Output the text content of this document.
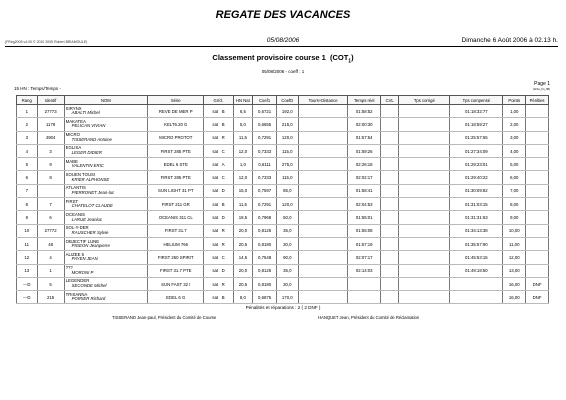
REGATE DES VACANCES
(FReg2005 v4.00 © 2010 2005 Robert BRIAMOULE)	05/08/2006	Dimanche 6 Août 2006 à 02.13 h.
Classement provisoire course 1  $(COT_1)$
05/08/2006 - coeff : 1
15 HN : Temps/Temps -
Page 1
(fiche_fin_08)
Rang	Identif	NOM	Série	Gr/cl.	HN Nat	Coef1	CoefD	Tours+Distance	Temps réel	CVL	Tps corrigé	Tps compensé	Points	Pénlties
1	27773	SIRYNX
ABALTI Michel	REVE DE MER P	sat B	6,5	0,6721	192,0		01:58:52			01:18:32:77	1,00	
2	1178	MAKATEA
PELICAN VIVIAN	KELT6.20 G	sat B	5,0	0,6655	215,0		02:00:30			01:18:59:27	2,00	
3	4904	MICRO
TISSERAND Antoine	MICRO PROTOT	sat R	11,5	0,7291	120,0		01:57:54			01:25:57:65	3,00	
4	3	EGLISA
LEGER DIDIER	FIRST 285 PTE	sat C	12,0	0,7333	115,0		01:59:26			01:27:34:09	4,00	
5	9	MABE
VALENTIN ERIC	EDEL 6 STE	sat A	1,0	0,6111	275,0		02:26:18			01:29:23:01	5,00	
6	8	SOUEN TOUSI
KRIER ALPHONSE	FIRST 285 PTE	sat C	12,0	0,7333	115,0		02:02:17			01:29:40:22	6,00	
7		ATLANTIS
PIERRONET Jean-luc	SUN LIGHT 31 PT	sat D	15,0	0,7597	85,0		01:58:41			01:30:09:82	7,00	
8	7	FIRST
CHATELOT CLAUDE	FIRST 211 GR	sat B	11,5	0,7291	120,0		02:04:53			01:31:03:15	8,00	
9	6	OCEANIS
LARUE Jeanluc	OCEANIS 311 CL	sat D	18,5	0,7968	50,0		01:55:01			01:31:31:63	9,00	
10	27772	SOL-Y-DER
RAUSCHER Sylvie	FIRST 31.7	sat R	20,0	0,8125	35,0		01:55:08			01:34:13:38	10,00	
11	48	OBJECTIF LUNE
PIGEON Jeanpierre	HELIUM 766	sat R	20,5	0,8180	30,0		01:57:19			01:35:57:90	11,00	
12	4	ALIZEE 5
PAYEN JEAN	FIRST 260 SPIRIT	sat C	14,5	0,7548	90,0		02:07:17			01:45:53:15	12,00	
13	1	???
MORONI P	FIRST 31.7 PTE	sat D	20,0	0,8125	35,0		02:14:03			01:49:18:50	13,00	
---D	5	LEGENDER
SECONDE Michel	SUN FAST 32 I	sat R	20,5	0,8180	30,0						16,00	DNF
---D	215	TRISANNA
POIRIER Richard	EDEL 6 G	sat B	8,0	0,6875	170,0						16,00	DNF
Pénalités et réparations : 2 ( 2 DNF )
TISSERAND Jean-paul, Président du Comité de Course	HANQUET Jean, Président du Comité de Réclamation
